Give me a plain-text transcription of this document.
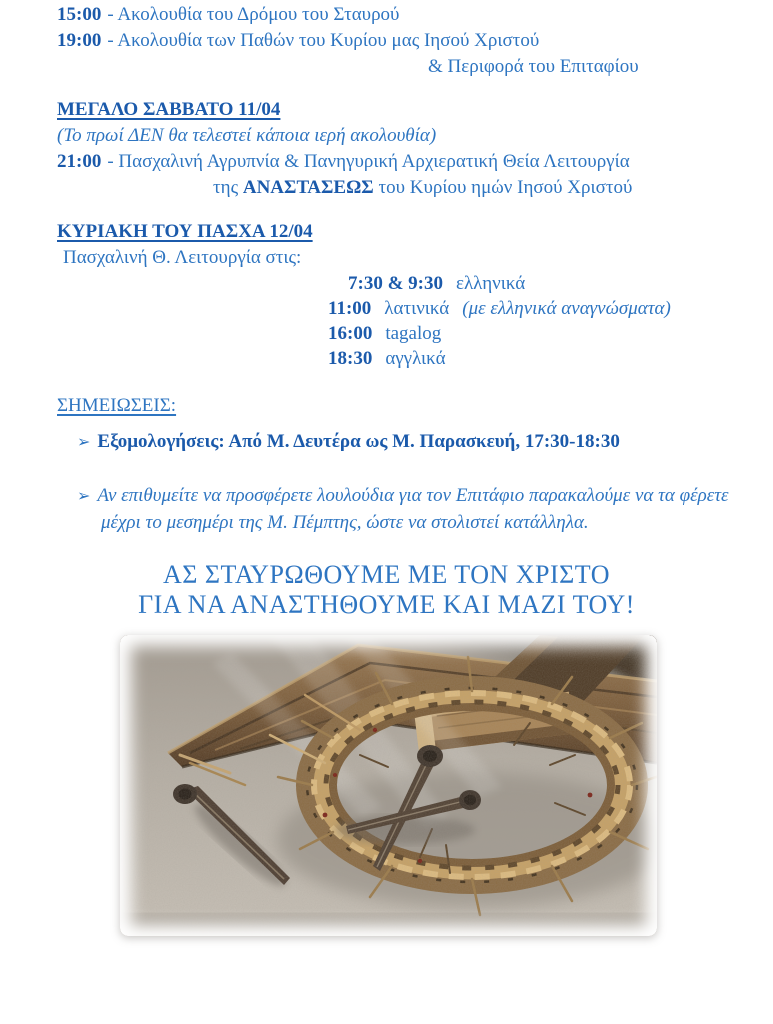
15:00 - Ακολουθία του Δρόμου του Σταυρού
19:00 - Ακολουθία των Παθών του Κυρίου μας Ιησού Χριστού
& Περιφορά του Επιταφίου
ΜΕΓΑΛΟ ΣΑΒΒΑΤΟ 11/04
(Το πρωί ΔΕΝ θα τελεστεί κάποια ιερή ακολουθία)
21:00 - Πασχαλινή Αγρυπνία & Πανηγυρική Αρχιερατική Θεία Λειτουργία
της ΑΝΑΣΤΑΣΕΩΣ του Κυρίου ημών Ιησού Χριστού
ΚΥΡΙΑΚΗ ΤΟΥ ΠΑΣΧΑ 12/04
Πασχαλινή Θ. Λειτουργία στις:
7:30 & 9:30 ελληνικά
11:00 λατινικά (με ελληνικά αναγνώσματα)
16:00 tagalog
18:30 αγγλικά
ΣΗΜΕΙΩΣΕΙΣ:
➢ Εξομολογήσεις: Από Μ. Δευτέρα ως Μ. Παρασκευή, 17:30-18:30
➢ Αν επιθυμείτε να προσφέρετε λουλούδια για τον Επιτάφιο παρακαλούμε να τα φέρετε μέχρι το μεσημέρι της Μ. Πέμπτης, ώστε να στολιστεί κατάλληλα.
ΑΣ ΣΤΑΥΡΩΘΟΥΜΕ ΜΕ ΤΟΝ ΧΡΙΣΤΟ
ΓΙΑ ΝΑ ΑΝΑΣΤΗΘΟΥΜΕ ΚΑΙ ΜΑΖΙ ΤΟΥ!
